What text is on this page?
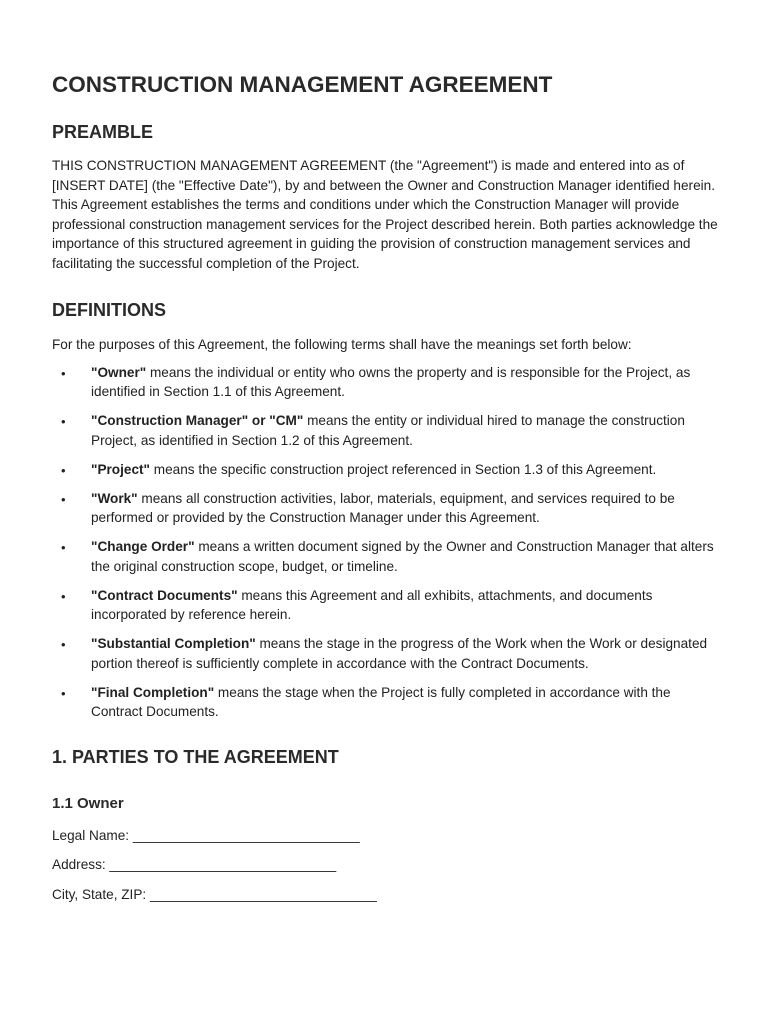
CONSTRUCTION MANAGEMENT AGREEMENT
PREAMBLE

THIS CONSTRUCTION MANAGEMENT AGREEMENT (the "Agreement") is made and entered into as of [INSERT DATE] (the "Effective Date"), by and between the Owner and Construction Manager identified herein. This Agreement establishes the terms and conditions under which the Construction Manager will provide professional construction management services for the Project described herein. Both parties acknowledge the importance of this structured agreement in guiding the provision of construction management services and facilitating the successful completion of the Project.

DEFINITIONS

For the purposes of this Agreement, the following terms shall have the meanings set forth below:

• "Owner" means the individual or entity who owns the property and is responsible for the Project, as identified in Section 1.1 of this Agreement.
• "Construction Manager" or "CM" means the entity or individual hired to manage the construction Project, as identified in Section 1.2 of this Agreement.
• "Project" means the specific construction project referenced in Section 1.3 of this Agreement.
• "Work" means all construction activities, labor, materials, equipment, and services required to be performed or provided by the Construction Manager under this Agreement.
• "Change Order" means a written document signed by the Owner and Construction Manager that alters the original construction scope, budget, or timeline.
• "Contract Documents" means this Agreement and all exhibits, attachments, and documents incorporated by reference herein.
• "Substantial Completion" means the stage in the progress of the Work when the Work or designated portion thereof is sufficiently complete in accordance with the Contract Documents.
• "Final Completion" means the stage when the Project is fully completed in accordance with the Contract Documents.
1. PARTIES TO THE AGREEMENT
1.1 Owner
Legal Name: ______________________________
Address: ______________________________
City, State, ZIP: ______________________________
